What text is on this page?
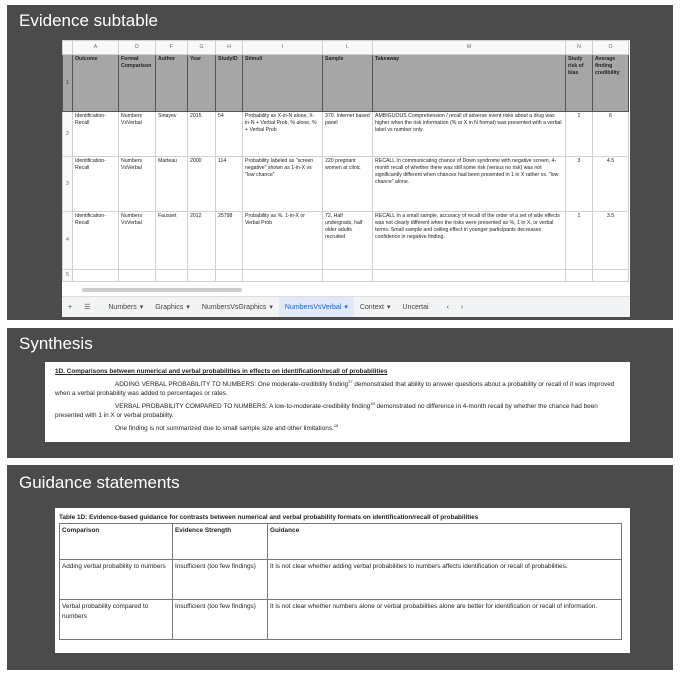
Evidence subtable
	A	D	F	G	H	I	L	M	N	O
1	Outcome	Format Comparison	Author	Year	StudyID	Stimuli	Sample	Takeaway	Study risk of bias	Average finding credibility
2	Identification-Recall	Numbers VsVerbal	Sinayev	2015	54	Probability as X-in-N alone, X-in-N + Verbal Prob, % alone, % + Verbal Prob	370, Internet based panel	AMBIGUOUS Comprehension / recall of adverse event risks about a drug was higher when the risk information (% or X in N format) was presented with a verbal label vs number only.	1	6
3	Identification-Recall	Numbers VsVerbal	Marteau	2000	114	Probability labeled as "screen negative" shown as 1-in-X vs "low chance"	220 pregnant women at clinic	RECALL In communicating chance of Down syndrome with negative screen, 4-month recall of whether there was still some risk (versus no risk) was not significantly different when chances had been presented in 1 in X rather vs. "low chance" alone.	3	4.5
4	Identification-Recall	Numbers VsVerbal	Fausset	2012	25798	Probability as %, 1-in-X or Verbal Prob	72, Half undergrads, half older adults recruited	RECALL In a small sample, accuracy of recall of the order of a set of side effects was not clearly different when the risks were presented as %, 1 in X, or verbal terms. Small sample and ceiling effect in younger participants decreases confidence in negative finding.	1	3.5
5										
+	☰	Numbers ▾	Graphics ▾	NumbersVsGraphics ▾	NumbersVsVerbal ▾	Context ▾	Uncertai	‹	›
Synthesis
1D. Comparisons between numerical and verbal probabilities in effects on identification/recall of probabilities
ADDING VERBAL PROBABILITY TO NUMBERS: One moderate-credibility finding$^{37}$ demonstrated that ability to answer questions about a probability or recall of it was improved when a verbal probability was added to percentages or rates.
VERBAL PROBABILITY COMPARED TO NUMBERS: A low-to-moderate-credibility finding$^{40}$ demonstrated no difference in 4-month recall by whether the chance had been presented with 1 in X or verbal probability.
One finding is not summarized due to small sample size and other limitations.$^{18}$
Guidance statements
Table 1D: Evidence-based guidance for contrasts between numerical and verbal probability formats on identification/recall of probabilities
Comparison	Evidence Strength	Guidance
Adding verbal probability to numbers	Insufficient (too few findings)	It is not clear whether adding verbal probabilities to numbers affects identification or recall of probabilities.
Verbal probability compared to numbers	Insufficient (too few findings)	It is not clear whether numbers alone or verbal probabilities alone are better for identification or recall of information.
